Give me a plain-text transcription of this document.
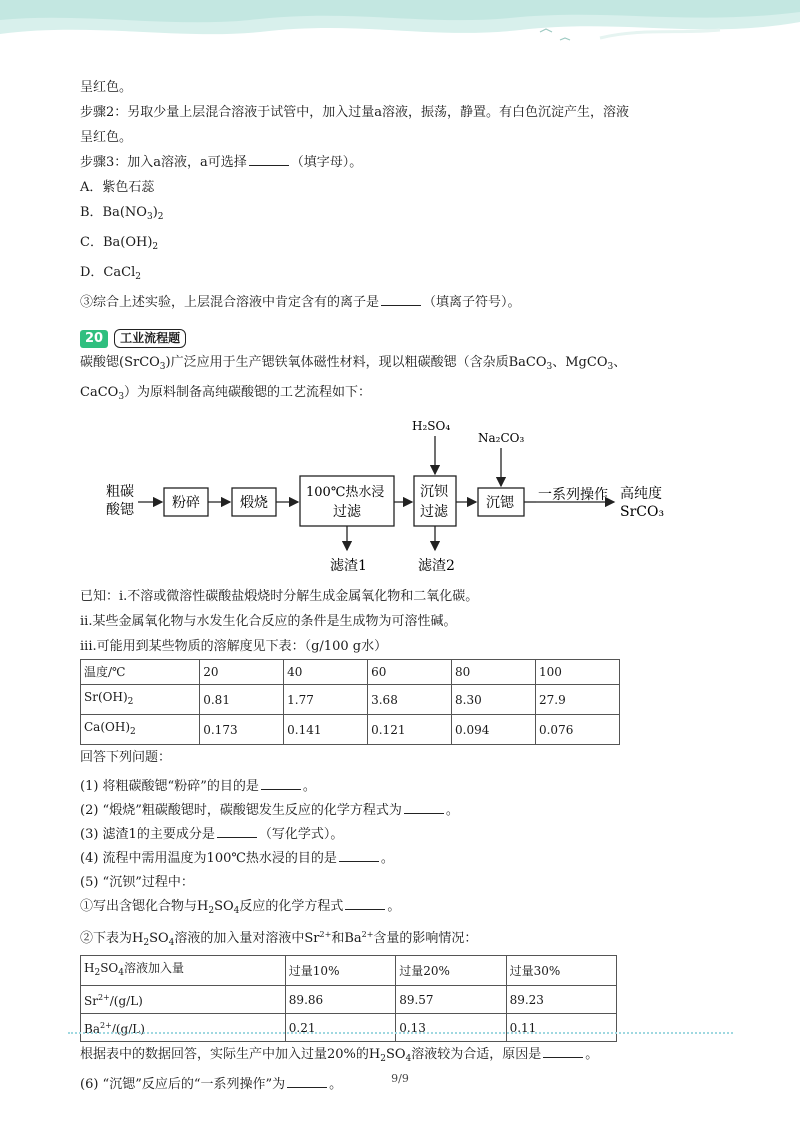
呈红色。

步骤2：另取少量上层混合溶液于试管中，加入过量a溶液，振荡，静置。有白色沉淀产生，溶液

呈红色。

步骤3：加入a溶液，a可选择	（填字母）。

A．紫色石蕊

B．$Ba(NO_3)_2$

C．$Ba(OH)_2$

D．CaCl$_2$

③综合上述实验，上层混合溶液中肯定含有的离子是	（填离子符号）。

20	工业流程题

碳酸锶(SrCO$_3$)广泛应用于生产锶铁氧体磁性材料，现以粗碳酸锶（含杂质BaCO$_3$、MgCO$_3$、

CaCO$_3$）为原料制备高纯碳酸锶的工艺流程如下：

粗碳
酸锶	粉碎	煅烧
100℃热水浸
过滤
沉钡
过滤
沉锶 一系列操作 高纯度
SrCO₃
H₂SO₄
Na₂CO₃
滤渣1	滤渣2

已知：i.不溶或微溶性碳酸盐煅烧时分解生成金属氧化物和二氧化碳。

ii.某些金属氧化物与水发生化合反应的条件是生成物为可溶性碱。

iii.可能用到某些物质的溶解度见下表：（g/100 g水）

温度/℃	20	40	60	80	100
$Sr(OH)_2$	0.81	1.77	3.68	8.30	27.9
$Ca(OH)_2$	0.173	0.141	0.121	0.094	0.076

回答下列问题：

(1) 将粗碳酸锶“粉碎”的目的是	。

(2) “煅烧”粗碳酸锶时，碳酸锶发生反应的化学方程式为	。

(3) 滤渣1的主要成分是	（写化学式）。

(4) 流程中需用温度为100℃热水浸的目的是	。

(5) “沉钡”过程中：

①写出含锶化合物与$H_2SO_4$反应的化学方程式	。

②下表为$H_2SO_4$溶液的加入量对溶液中$Sr^{2+}$和$Ba^{2+}$含量的影响情况：

$H_2SO_4$溶液加入量	过量10%	过量20%	过量30%
$Sr^{2+}/(g/L)$	89.86	89.57	89.23
$Ba^{2+}/(g/L)$	0.21	0.13	0.11

根据表中的数据回答，实际生产中加入过量20%的$H_2SO_4$溶液较为合适，原因是	。

(6) “沉锶”反应后的“一系列操作”为	。	9/9
